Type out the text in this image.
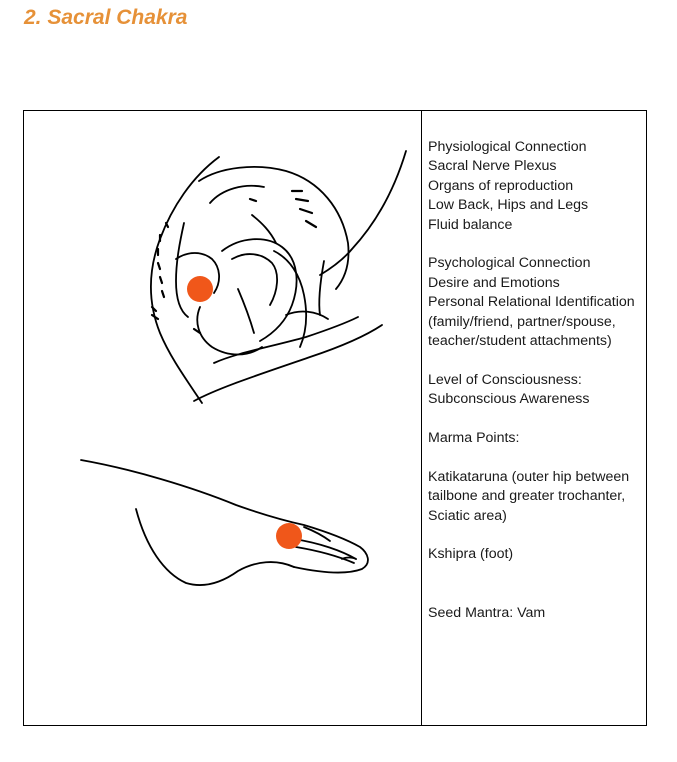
2. Sacral Chakra

Physiological Connection

Sacral Nerve Plexus

Organs of reproduction

Low Back, Hips and Legs

Fluid balance

Psychological Connection

Desire and Emotions

Personal Relational Identification (family/friend, partner/spouse, teacher/student attachments)

Level of Consciousness:

Subconscious Awareness

Marma Points:

Katikataruna (outer hip between tailbone and greater trochanter, Sciatic area)

Kshipra (foot)

Seed Mantra: Vam
